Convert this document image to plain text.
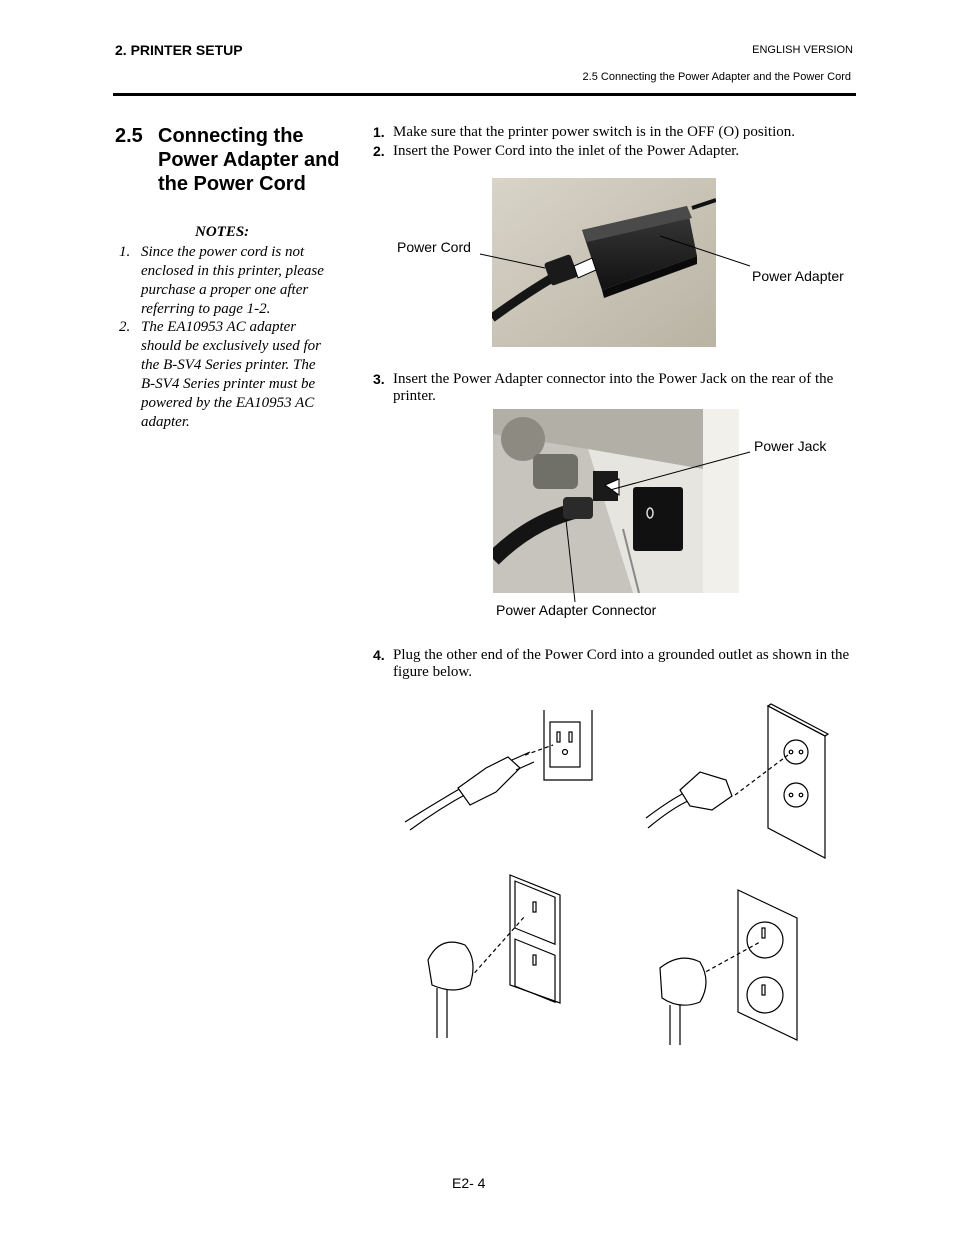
2. PRINTER SETUP	ENGLISH VERSION
2.5 Connecting the Power Adapter and the Power Cord
2.5 Connecting the Power Adapter and the Power Cord
NOTES:
1. Since the power cord is not enclosed in this printer, please purchase a proper one after referring to page 1-2.
2. The EA10953 AC adapter should be exclusively used for the B-SV4 Series printer. The B-SV4 Series printer must be powered by the EA10953 AC adapter.
1. Make sure that the printer power switch is in the OFF (O) position.
2. Insert the Power Cord into the inlet of the Power Adapter.
3. Insert the Power Adapter connector into the Power Jack on the rear of the printer.
4. Plug the other end of the Power Cord into a grounded outlet as shown in the figure below.
Power Cord
Power Adapter
Power Jack
Power Adapter Connector
E2- 4
